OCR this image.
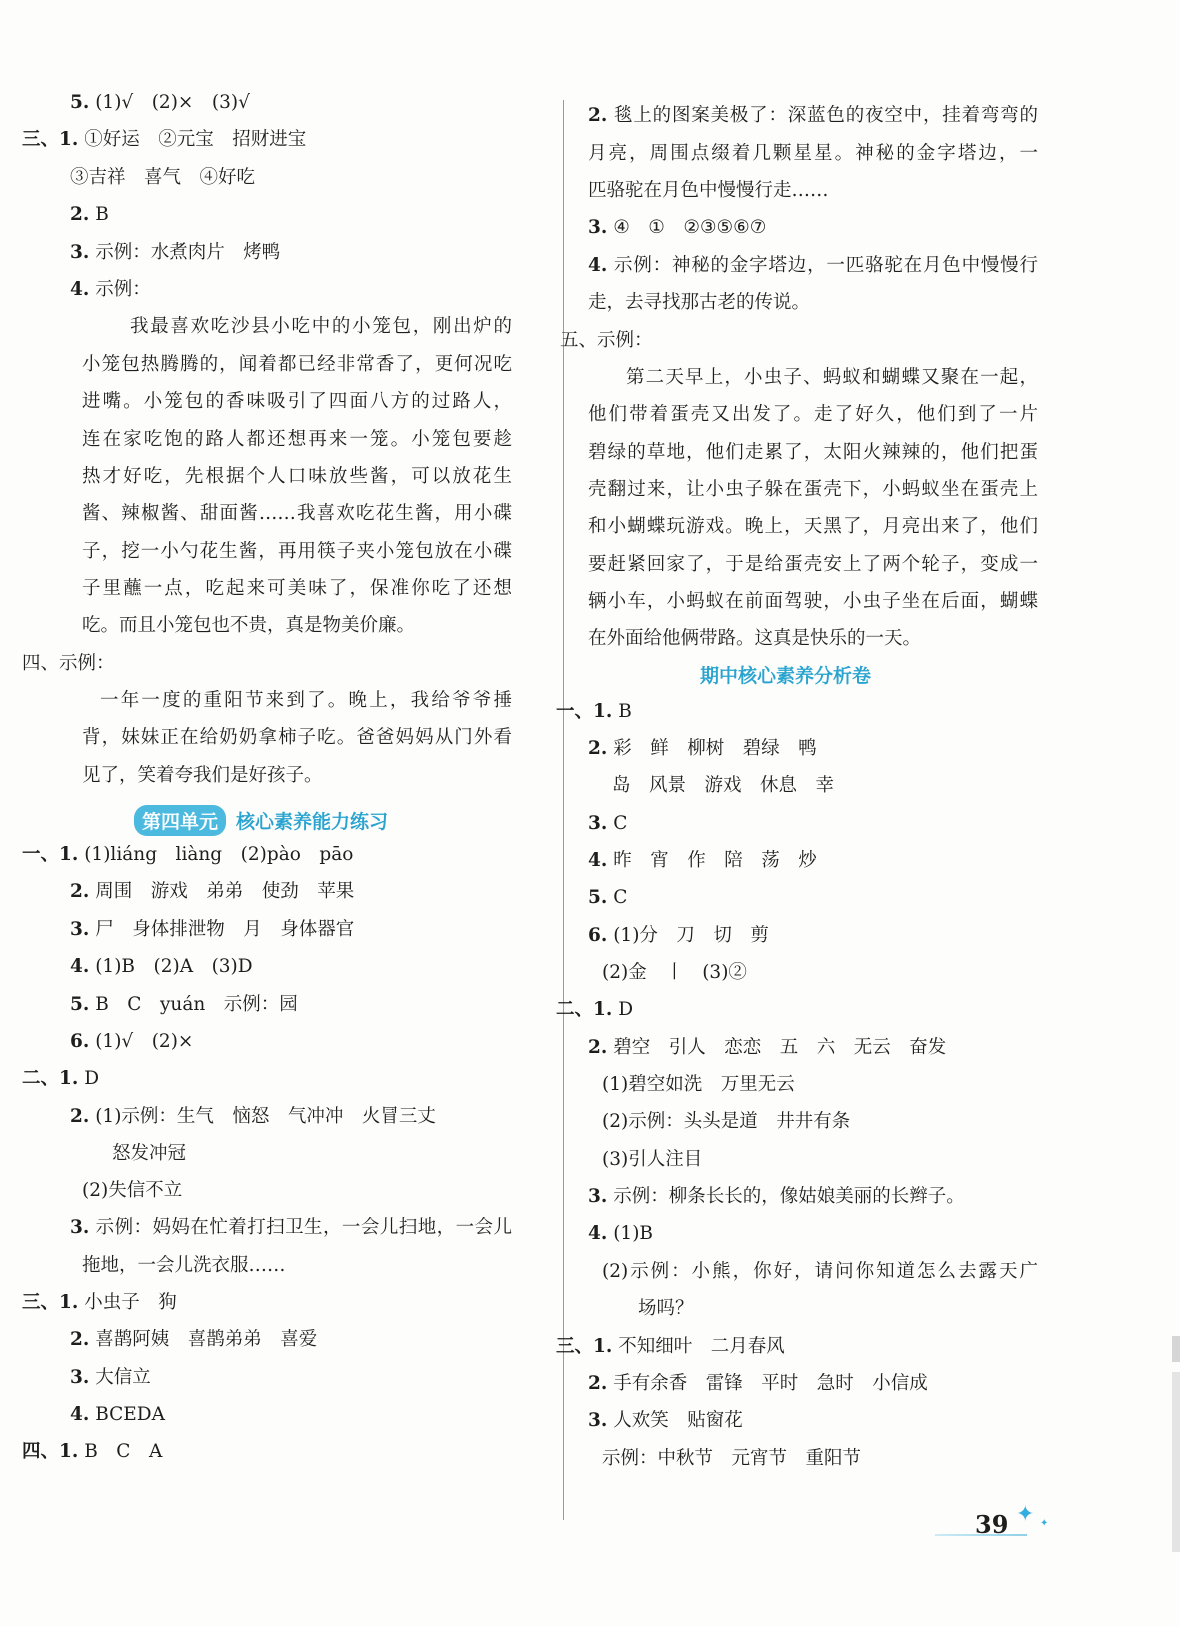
5. (1)√　(2)×　(3)√
三、1. ①好运　②元宝　招财进宝
③吉祥　喜气　④好吃
2. B
3. 示例：水煮肉片　烤鸭
4. 示例：
我最喜欢吃沙县小吃中的小笼包，刚出炉的
小笼包热腾腾的，闻着都已经非常香了，更何况吃
进嘴。小笼包的香味吸引了四面八方的过路人，
连在家吃饱的路人都还想再来一笼。小笼包要趁
热才好吃，先根据个人口味放些酱，可以放花生
酱、辣椒酱、甜面酱……我喜欢吃花生酱，用小碟
子，挖一小勺花生酱，再用筷子夹小笼包放在小碟
子里蘸一点，吃起来可美味了，保准你吃了还想
吃。而且小笼包也不贵，真是物美价廉。
四、示例：
一年一度的重阳节来到了。晚上，我给爷爷捶
背，妹妹正在给奶奶拿柿子吃。爸爸妈妈从门外看
见了，笑着夸我们是好孩子。
第四单元 核心素养能力练习
一、1. (1)liáng　liàng　(2)pào　pāo
2. 周围　游戏　弟弟　使劲　苹果
3. 尸　身体排泄物　月　身体器官
4. (1)B　(2)A　(3)D
5. B　C　yuán　示例：园
6. (1)√　(2)×
二、1. D
2. (1)示例：生气　恼怒　气冲冲　火冒三丈
怒发冲冠
(2)失信不立
3. 示例：妈妈在忙着打扫卫生，一会儿扫地，一会儿
拖地，一会儿洗衣服……
三、1. 小虫子　狗
2. 喜鹊阿姨　喜鹊弟弟　喜爱
3. 大信立
4. BCEDA
四、1. B　C　A
2. 毯上的图案美极了：深蓝色的夜空中，挂着弯弯的
月亮，周围点缀着几颗星星。神秘的金字塔边，一
匹骆驼在月色中慢慢行走……
3. ④　①　②③⑤⑥⑦
4. 示例：神秘的金字塔边，一匹骆驼在月色中慢慢行
走，去寻找那古老的传说。
五、示例：
第二天早上，小虫子、蚂蚁和蝴蝶又聚在一起，
他们带着蛋壳又出发了。走了好久，他们到了一片
碧绿的草地，他们走累了，太阳火辣辣的，他们把蛋
壳翻过来，让小虫子躲在蛋壳下，小蚂蚁坐在蛋壳上
和小蝴蝶玩游戏。晚上，天黑了，月亮出来了，他们
要赶紧回家了，于是给蛋壳安上了两个轮子，变成一
辆小车，小蚂蚁在前面驾驶，小虫子坐在后面，蝴蝶
在外面给他俩带路。这真是快乐的一天。
期中核心素养分析卷
一、1. B
2. 彩　鲜　柳树　碧绿　鸭
岛　风景　游戏　休息　幸
3. C
4. 昨　宵　作　陪　荡　炒
5. C
6. (1)分　刀　切　剪
(2)金　丨　(3)②
二、1. D
2. 碧空　引人　恋恋　五　六　无云　奋发
(1)碧空如洗　万里无云
(2)示例：头头是道　井井有条
(3)引人注目
3. 示例：柳条长长的，像姑娘美丽的长辫子。
4. (1)B
(2)示例：小熊，你好，请问你知道怎么去露天广
场吗？
三、1. 不知细叶　二月春风
2. 手有余香　雷锋　平时　急时　小信成
3. 人欢笑　贴窗花
示例：中秋节　元宵节　重阳节
39 ✦ ✦
